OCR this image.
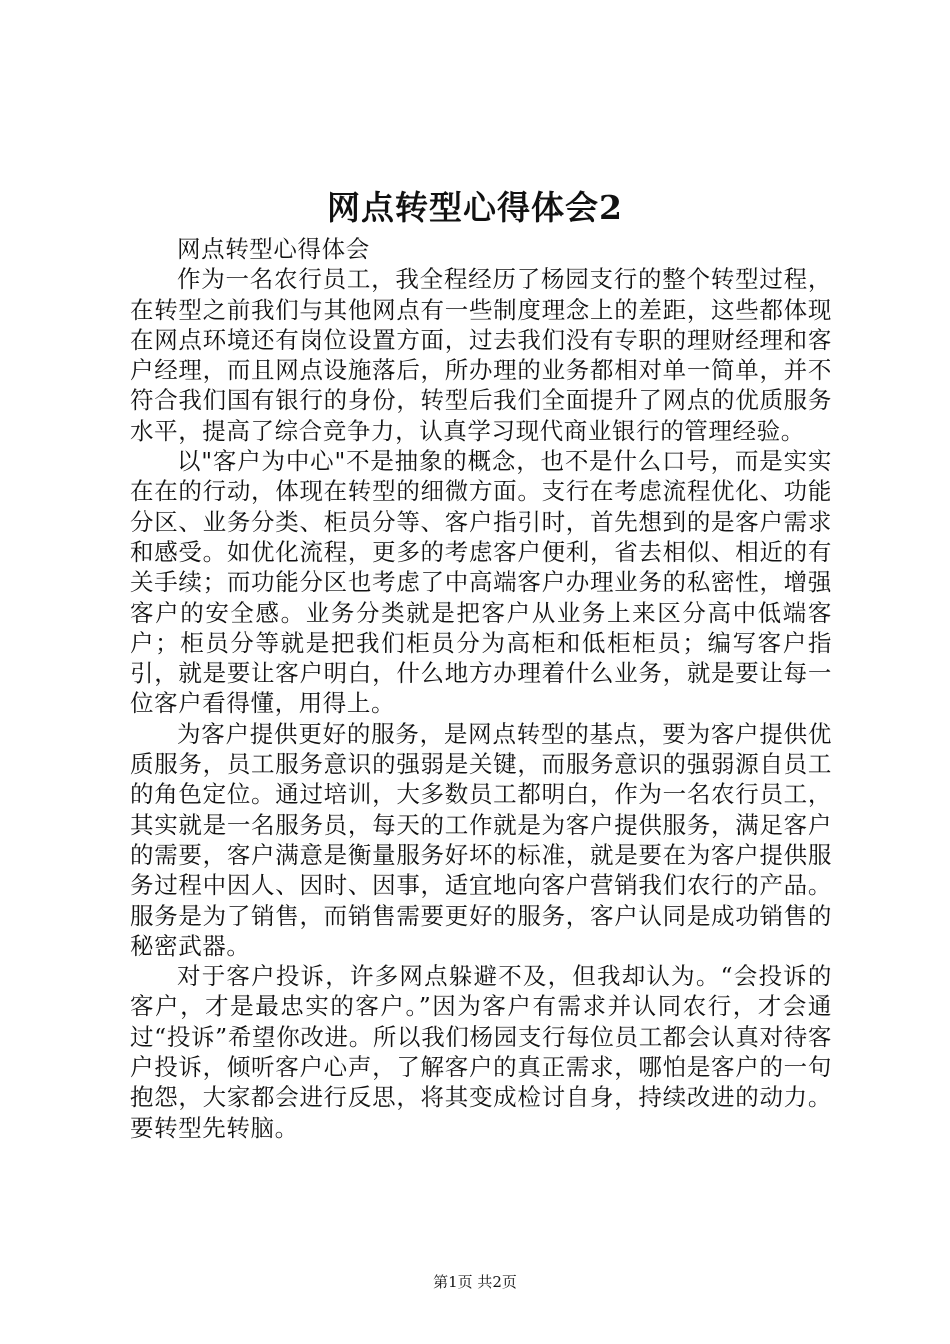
网点转型心得体会2

网点转型心得体会

作为一名农行员工，我全程经历了杨园支行的整个转型过程，在转型之前我们与其他网点有一些制度理念上的差距，这些都体现在网点环境还有岗位设置方面，过去我们没有专职的理财经理和客户经理，而且网点设施落后，所办理的业务都相对单一简单，并不符合我们国有银行的身份，转型后我们全面提升了网点的优质服务水平，提高了综合竞争力，认真学习现代商业银行的管理经验。

以"客户为中心"不是抽象的概念，也不是什么口号，而是实实在在的行动，体现在转型的细微方面。支行在考虑流程优化、功能分区、业务分类、柜员分等、客户指引时，首先想到的是客户需求和感受。如优化流程，更多的考虑客户便利，省去相似、相近的有关手续；而功能分区也考虑了中高端客户办理业务的私密性，增强客户的安全感。业务分类就是把客户从业务上来区分高中低端客户；柜员分等就是把我们柜员分为高柜和低柜柜员；编写客户指引，就是要让客户明白，什么地方办理着什么业务，就是要让每一位客户看得懂，用得上。

为客户提供更好的服务，是网点转型的基点，要为客户提供优质服务，员工服务意识的强弱是关键，而服务意识的强弱源自员工的角色定位。通过培训，大多数员工都明白，作为一名农行员工，其实就是一名服务员，每天的工作就是为客户提供服务，满足客户的需要，客户满意是衡量服务好坏的标准，就是要在为客户提供服务过程中因人、因时、因事，适宜地向客户营销我们农行的产品。服务是为了销售，而销售需要更好的服务，客户认同是成功销售的秘密武器。

对于客户投诉，许多网点躲避不及，但我却认为。“会投诉的客户，才是最忠实的客户。”因为客户有需求并认同农行，才会通过“投诉”希望你改进。所以我们杨园支行每位员工都会认真对待客户投诉，倾听客户心声，了解客户的真正需求，哪怕是客户的一句抱怨，大家都会进行反思，将其变成检讨自身，持续改进的动力。要转型先转脑。

第1页 共2页
